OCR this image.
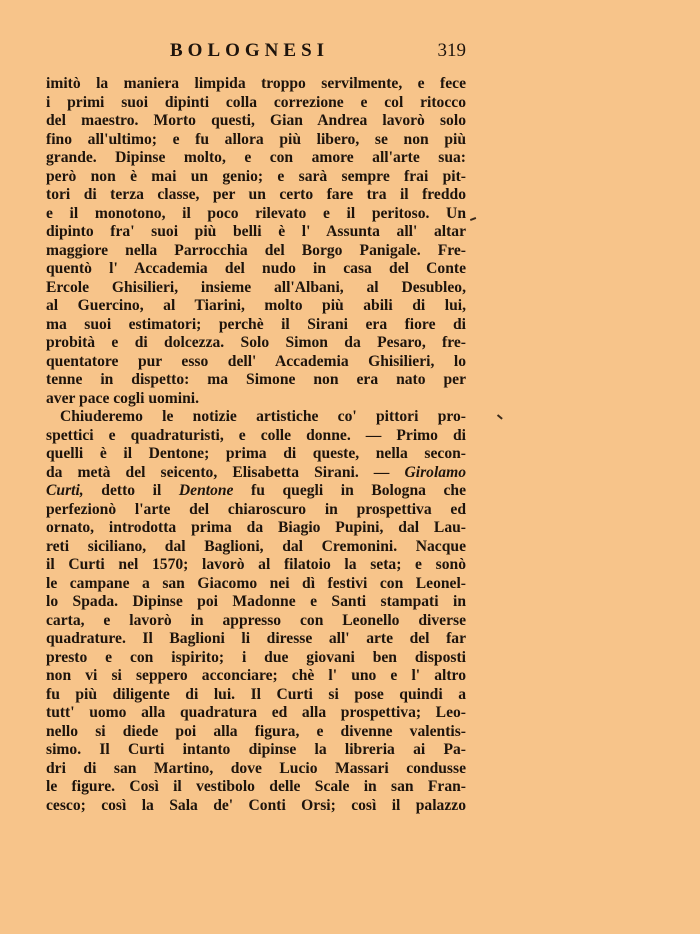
BOLOGNESI	319
imitò la maniera limpida troppo servilmente, e fece
i primi suoi dipinti colla correzione e col ritocco
del maestro. Morto questi, Gian Andrea lavorò solo
fino all'ultimo; e fu allora più libero, se non più
grande. Dipinse molto, e con amore all'arte sua:
però non è mai un genio; e sarà sempre frai pit-
tori di terza classe, per un certo fare tra il freddo
e il monotono, il poco rilevato e il peritoso. Un
dipinto fra' suoi più belli è l' Assunta all' altar
maggiore nella Parrocchia del Borgo Panigale. Fre-
quentò l' Accademia del nudo in casa del Conte
Ercole Ghisilieri, insieme all'Albani, al Desubleo,
al Guercino, al Tiarini, molto più abili di lui,
ma suoi estimatori; perchè il Sirani era fiore di
probità e di dolcezza. Solo Simon da Pesaro, fre-
quentatore pur esso dell' Accademia Ghisilieri, lo
tenne in dispetto: ma Simone non era nato per
aver pace cogli uomini.
Chiuderemo le notizie artistiche co' pittori pro-
spettici e quadraturisti, e colle donne. — Primo di
quelli è il Dentone; prima di queste, nella secon-
da metà del seicento, Elisabetta Sirani. — Girolamo
Curti, detto il Dentone fu quegli in Bologna che
perfezionò l'arte del chiaroscuro in prospettiva ed
ornato, introdotta prima da Biagio Pupini, dal Lau-
reti siciliano, dal Baglioni, dal Cremonini. Nacque
il Curti nel 1570; lavorò al filatoio la seta; e sonò
le campane a san Giacomo nei dì festivi con Leonel-
lo Spada. Dipinse poi Madonne e Santi stampati in
carta, e lavorò in appresso con Leonello diverse
quadrature. Il Baglioni li diresse all' arte del far
presto e con ispirito; i due giovani ben disposti
non vi si seppero acconciare; chè l' uno e l' altro
fu più diligente di lui. Il Curti si pose quindi a
tutt' uomo alla quadratura ed alla prospettiva; Leo-
nello si diede poi alla figura, e divenne valentis-
simo. Il Curti intanto dipinse la libreria ai Pa-
dri di san Martino, dove Lucio Massari condusse
le figure. Così il vestibolo delle Scale in san Fran-
cesco; così la Sala de' Conti Orsi; così il palazzo
